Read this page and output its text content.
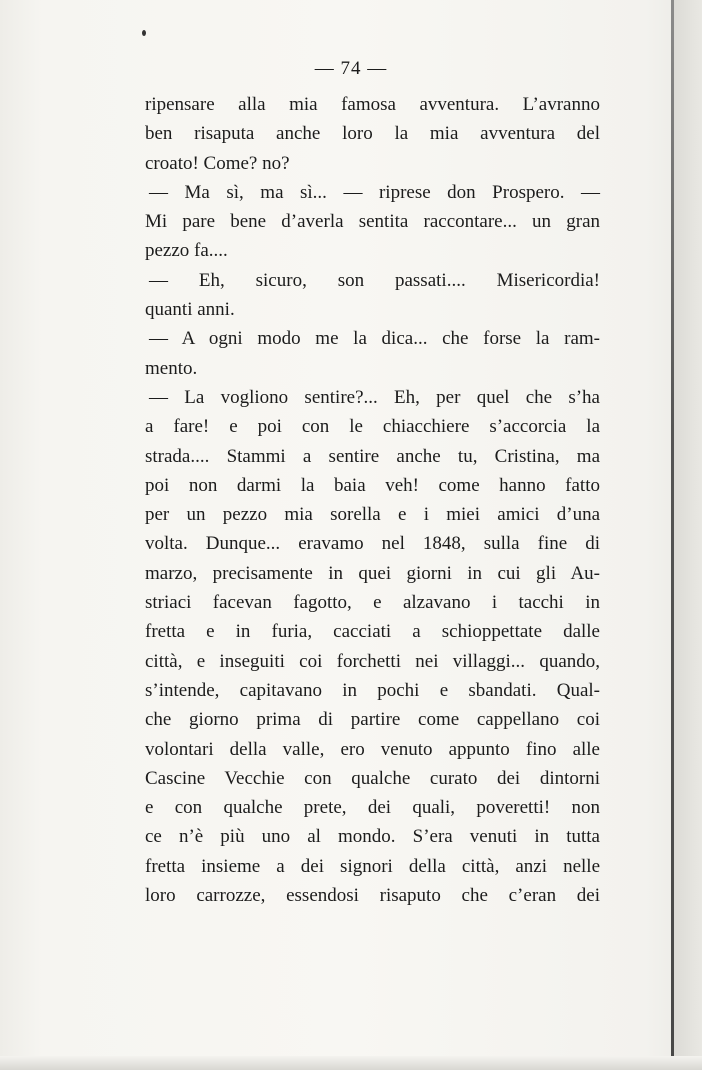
— 74 —
ripensare alla mia famosa avventura. L’avranno
ben risaputa anche loro la mia avventura del
croato! Come? no?
— Ma sì, ma sì... — riprese don Prospero. —
Mi pare bene d’averla sentita raccontare... un gran
pezzo fa....
— Eh, sicuro, son passati.... Misericordia!
quanti anni.
— A ogni modo me la dica... che forse la ram-
mento.
— La vogliono sentire?... Eh, per quel che s’ha
a fare! e poi con le chiacchiere s’accorcia la
strada.... Stammi a sentire anche tu, Cristina, ma
poi non darmi la baia veh! come hanno fatto
per un pezzo mia sorella e i miei amici d’una
volta. Dunque... eravamo nel 1848, sulla fine di
marzo, precisamente in quei giorni in cui gli Au-
striaci facevan fagotto, e alzavano i tacchi in
fretta e in furia, cacciati a schioppettate dalle
città, e inseguiti coi forchetti nei villaggi... quando,
s’intende, capitavano in pochi e sbandati. Qual-
che giorno prima di partire come cappellano coi
volontari della valle, ero venuto appunto fino alle
Cascine Vecchie con qualche curato dei dintorni
e con qualche prete, dei quali, poveretti! non
ce n’è più uno al mondo. S’era venuti in tutta
fretta insieme a dei signori della città, anzi nelle
loro carrozze, essendosi risaputo che c’eran dei
